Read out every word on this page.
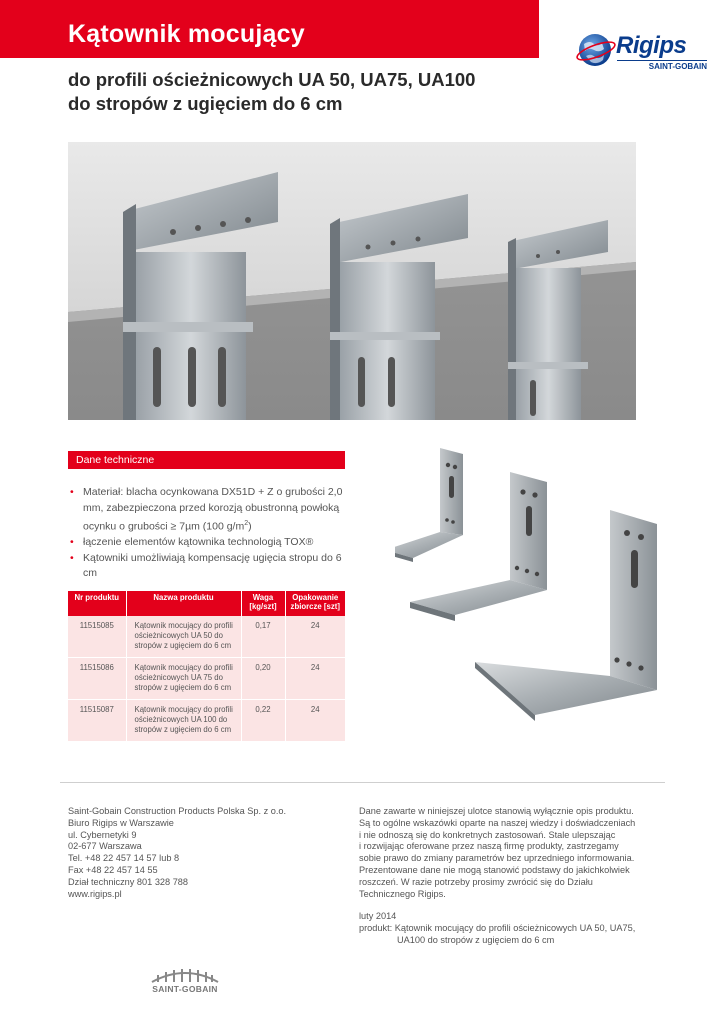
Kątownik mocujący
do profili ościeżnicowych UA 50, UA75, UA100
do stropów z ugięciem do 6 cm
Rigips
SAINT-GOBAIN
Dane techniczne
• Materiał: blacha ocynkowana DX51D + Z o grubości 2,0 mm, zabezpieczona przed korozją obustronną powłoką ocynku o grubości ≥ 7µm (100 $g/m^2$)
• łączenie elementów kątownika technologią TOX®
• Kątowniki umożliwiają kompensację ugięcia stropu do 6 cm
Nr produktu	Nazwa produktu	Waga [kg/szt]	Opakowanie zbiorcze [szt]
11515085	Kątownik mocujący do profili ościeżnicowych UA 50 do stropów z ugięciem do 6 cm	0,17	24
11515086	Kątownik mocujący do profili ościeżnicowych UA 75 do stropów z ugięciem do 6 cm	0,20	24
11515087	Kątownik mocujący do profili ościeżnicowych UA 100 do stropów z ugięciem do 6 cm	0,22	24
Saint-Gobain Construction Products Polska Sp. z o.o.
Biuro Rigips w Warszawie
ul. Cybernetyki 9
02-677 Warszawa
Tel. +48 22 457 14 57 lub 8
Fax +48 22 457 14 55
Dział techniczny 801 328 788
www.rigips.pl
Dane zawarte w niniejszej ulotce stanowią wyłącznie opis produktu.
Są to ogólne wskazówki oparte na naszej wiedzy i doświadczeniach
i nie odnoszą się do konkretnych zastosowań. Stale ulepszając
i rozwijając oferowane przez naszą firmę produkty, zastrzegamy
sobie prawo do zmiany parametrów bez uprzedniego informowania.
Prezentowane dane nie mogą stanowić podstawy do jakichkolwiek
roszczeń. W razie potrzeby prosimy zwrócić się do Działu
Technicznego Rigips.
luty 2014
produkt: Kątownik mocujący do profili ościeżnicowych UA 50, UA75,
UA100 do stropów z ugięciem do 6 cm
SAINT-GOBAIN
